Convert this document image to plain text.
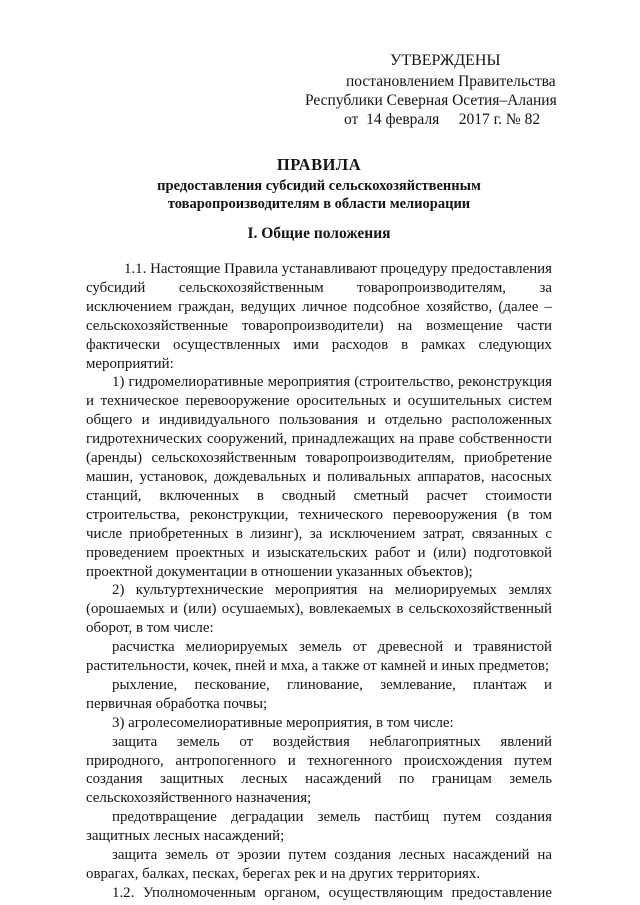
УТВЕРЖДЕНЫ
постановлением Правительства
Республики Северная Осетия–Алания
от  14 февраля     2017 г. № 82
ПРАВИЛА
предоставления субсидий сельскохозяйственным
товаропроизводителям в области мелиорации
I. Общие положения

1.1. Настоящие Правила устанавливают процедуру предоставления субсидий сельскохозяйственным товаропроизводителям, за исключением граждан, ведущих личное подсобное хозяйство, (далее – сельскохозяйственные товаропроизводители) на возмещение части фактически осуществленных ими расходов в рамках следующих мероприятий:

1) гидромелиоративные мероприятия (строительство, реконструкция и техническое перевооружение оросительных и осушительных систем общего и индивидуального пользования и отдельно расположенных гидротехнических сооружений, принадлежащих на праве собственности (аренды) сельскохозяйственным товаропроизводителям, приобретение машин, установок, дождевальных и поливальных аппаратов, насосных станций, включенных в сводный сметный расчет стоимости строительства, реконструкции, технического перевооружения (в том числе приобретенных в лизинг), за исключением затрат, связанных с проведением проектных и изыскательских работ и (или) подготовкой проектной документации в отношении указанных объектов);

2) культуртехнические мероприятия на мелиорируемых землях (орошаемых и (или) осушаемых), вовлекаемых в сельскохозяйственный оборот, в том числе:

расчистка мелиорируемых земель от древесной и травянистой растительности, кочек, пней и мха, а также от камней и иных предметов;

рыхление, пескование, глинование, землевание, плантаж и первичная обработка почвы;

3) агролесомелиоративные мероприятия, в том числе:

защита земель от воздействия неблагоприятных явлений природного, антропогенного и техногенного происхождения путем создания защитных лесных насаждений по границам земель сельскохозяйственного назначения;

предотвращение деградации земель пастбищ путем создания защитных лесных насаждений;

защита земель от эрозии путем создания лесных насаждений на оврагах, балках, песках, берегах рек и на других территориях.

1.2. Уполномоченным органом, осуществляющим предоставление
